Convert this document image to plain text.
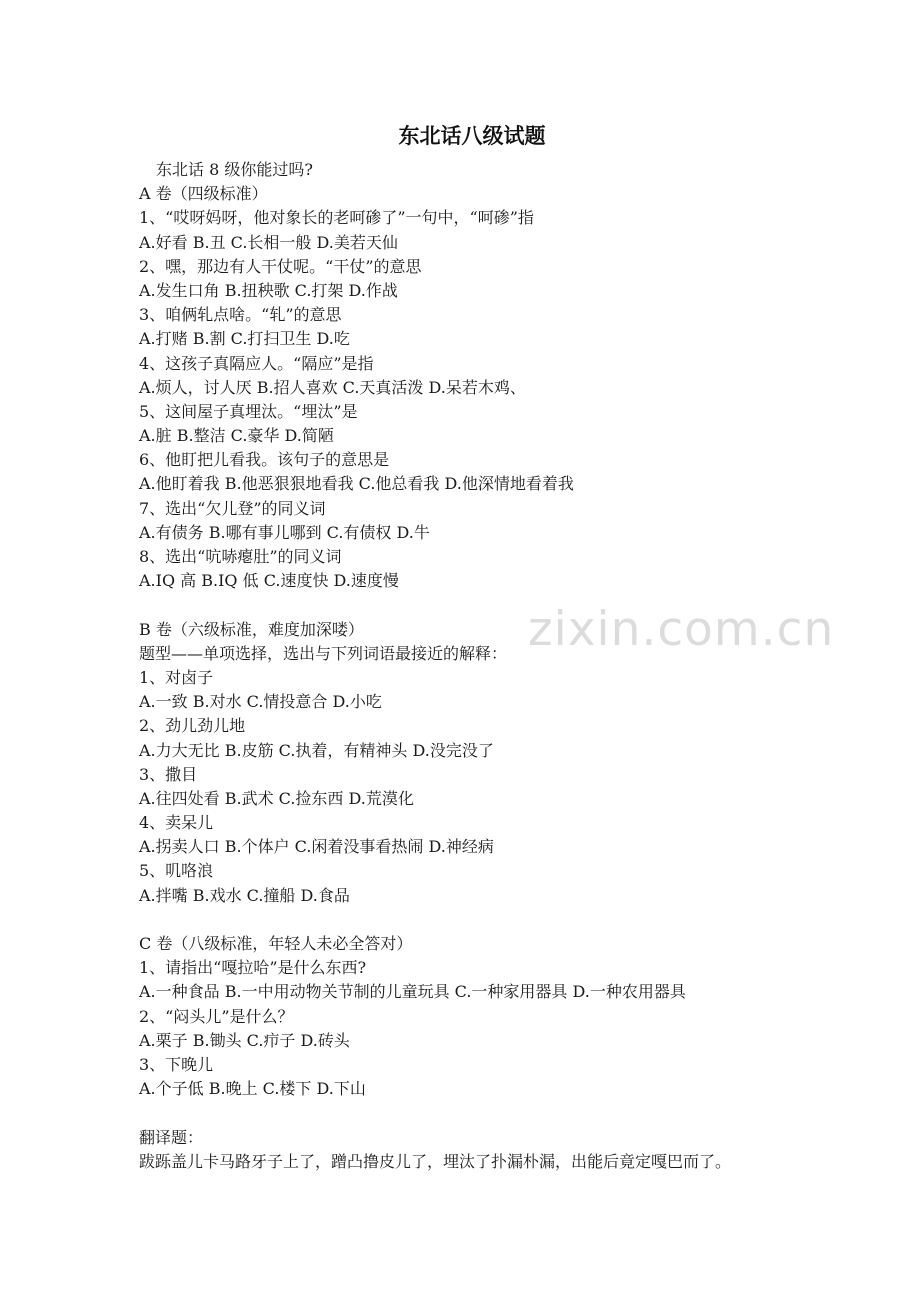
东北话八级试题
zixin.com.cn
东北话 8 级你能过吗?
A 卷（四级标准）
1、“哎呀妈呀，他对象长的老呵碜了”一句中，“呵碜”指
A.好看 B.丑 C.长相一般 D.美若天仙
2、嘿，那边有人干仗呢。“干仗”的意思
A.发生口角 B.扭秧歌 C.打架 D.作战
3、咱俩轧点啥。“轧”的意思
A.打赌 B.割 C.打扫卫生 D.吃
4、这孩子真隔应人。“隔应”是指
A.烦人，讨人厌 B.招人喜欢 C.天真活泼 D.呆若木鸡、
5、这间屋子真埋汰。“埋汰”是
A.脏 B.整洁 C.豪华 D.简陋
6、他盯把儿看我。该句子的意思是
A.他盯着我 B.他恶狠狠地看我 C.他总看我 D.他深情地看着我
7、选出“欠儿登”的同义词
A.有债务 B.哪有事儿哪到 C.有债权 D.牛
8、选出“吭哧瘪肚”的同义词
A.IQ 高 B.IQ 低 C.速度快 D.速度慢
B 卷（六级标准，难度加深喽）
题型——单项选择，选出与下列词语最接近的解释：
1、对卤子
A.一致 B.对水 C.情投意合 D.小吃
2、劲儿劲儿地
A.力大无比 B.皮筋 C.执着，有精神头 D.没完没了
3、撒目
A.往四处看 B.武术 C.捡东西 D.荒漠化
4、卖呆儿
A.拐卖人口 B.个体户 C.闲着没事看热闹 D.神经病
5、叽咯浪
A.拌嘴 B.戏水 C.撞船 D.食品
C 卷（八级标准，年轻人未必全答对）
1、请指出“嘎拉哈”是什么东西?
A.一种食品 B.一中用动物关节制的儿童玩具 C.一种家用器具 D.一种农用器具
2、“闷头儿”是什么？
A.栗子 B.锄头 C.疖子 D.砖头
3、下晚儿
A.个子低 B.晚上 C.楼下 D.下山
翻译题：
跋跞盖儿卡马路牙子上了，蹭凸撸皮儿了，埋汰了扑漏朴漏，出能后竟定嘎巴而了。
